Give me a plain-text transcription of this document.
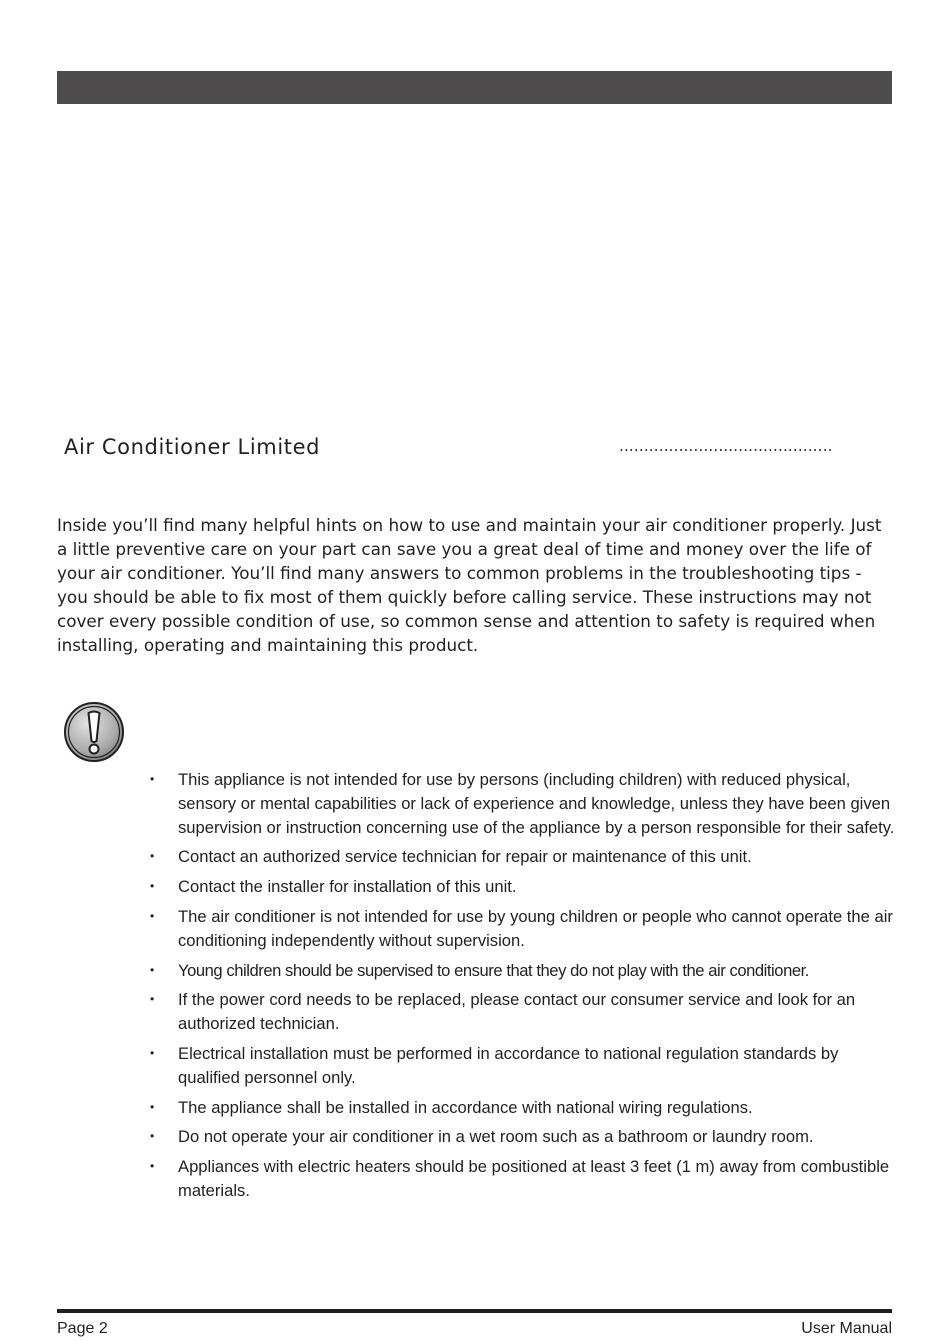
Air Conditioner Limited	...........................................

Inside you’ll find many helpful hints on how to use and maintain your air conditioner properly. Just a little preventive care on your part can save you a great deal of time and money over the life of your air conditioner. You’ll find many answers to common problems in the troubleshooting tips - you should be able to fix most of them quickly before calling service. These instructions may not cover every possible condition of use, so common sense and attention to safety is required when installing, operating and maintaining this product.

• This appliance is not intended for use by persons (including children) with reduced physical, sensory or mental capabilities or lack of experience and knowledge, unless they have been given supervision or instruction concerning use of the appliance by a person responsible for their safety.
• Contact an authorized service technician for repair or maintenance of this unit.
• Contact the installer for installation of this unit.
• The air conditioner is not intended for use by young children or people who cannot operate the air conditioning independently without supervision.
• Young children should be supervised to ensure that they do not play with the air conditioner.
• If the power cord needs to be replaced, please contact our consumer service and look for an authorized technician.
• Electrical installation must be performed in accordance to national regulation standards by qualified personnel only.
• The appliance shall be installed in accordance with national wiring regulations.
• Do not operate your air conditioner in a wet room such as a bathroom or laundry room.
• Appliances with electric heaters should be positioned at least 3 feet (1 m) away from combustible materials.
Page 2	User Manual
